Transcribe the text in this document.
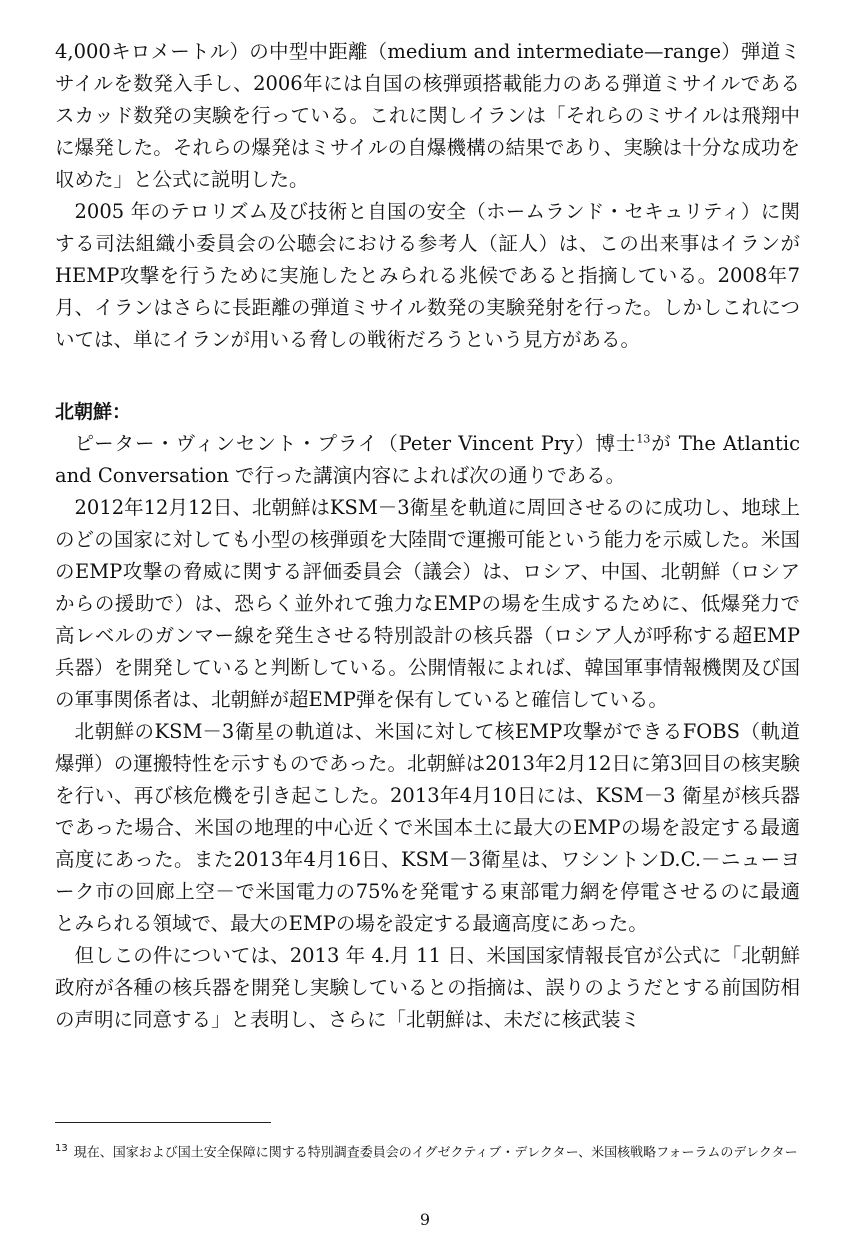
4,000キロメートル）の中型中距離（medium and intermediate—range）弾道ミサイルを数発入手し、2006年には自国の核弾頭搭載能力のある弾道ミサイルであるスカッド数発の実験を行っている。これに関しイランは「それらのミサイルは飛翔中に爆発した。それらの爆発はミサイルの自爆機構の結果であり、実験は十分な成功を収めた」と公式に説明した。

2005 年のテロリズム及び技術と自国の安全（ホームランド・セキュリティ）に関する司法組織小委員会の公聴会における参考人（証人）は、この出来事はイランがHEMP攻撃を行うために実施したとみられる兆候であると指摘している。2008年7月、イランはさらに長距離の弾道ミサイル数発の実験発射を行った。しかしこれについては、単にイランが用いる脅しの戦術だろうという見方がある。

北朝鮮：

ピーター・ヴィンセント・プライ（Peter Vincent Pry）博士$^{13}$が The Atlantic and Conversation で行った講演内容によれば次の通りである。

2012年12月12日、北朝鮮はKSM－3衛星を軌道に周回させるのに成功し、地球上のどの国家に対しても小型の核弾頭を大陸間で運搬可能という能力を示威した。米国のEMP攻撃の脅威に関する評価委員会（議会）は、ロシア、中国、北朝鮮（ロシアからの援助で）は、恐らく並外れて強力なEMPの場を生成するために、低爆発力で高レベルのガンマー線を発生させる特別設計の核兵器（ロシア人が呼称する超EMP兵器）を開発していると判断している。公開情報によれば、韓国軍事情報機関及び国の軍事関係者は、北朝鮮が超EMP弾を保有していると確信している。

北朝鮮のKSM－3衛星の軌道は、米国に対して核EMP攻撃ができるFOBS（軌道爆弾）の運搬特性を示すものであった。北朝鮮は2013年2月12日に第3回目の核実験を行い、再び核危機を引き起こした。2013年4月10日には、KSM－3 衛星が核兵器であった場合、米国の地理的中心近くで米国本土に最大のEMPの場を設定する最適高度にあった。また2013年4月16日、KSM－3衛星は、ワシントンD.C.－ニューヨーク市の回廊上空－で米国電力の75%を発電する東部電力網を停電させるのに最適とみられる領域で、最大のEMPの場を設定する最適高度にあった。

但しこの件については、2013 年 4.月 11 日、米国国家情報長官が公式に「北朝鮮政府が各種の核兵器を開発し実験しているとの指摘は、誤りのようだとする前国防相の声明に同意する」と表明し、さらに「北朝鮮は、未だに核武装ミ

$^{13}$ 現在、国家および国土安全保障に関する特別調査委員会のイグゼクティブ・デレクター、米国核戦略フォーラムのデレクター
9
